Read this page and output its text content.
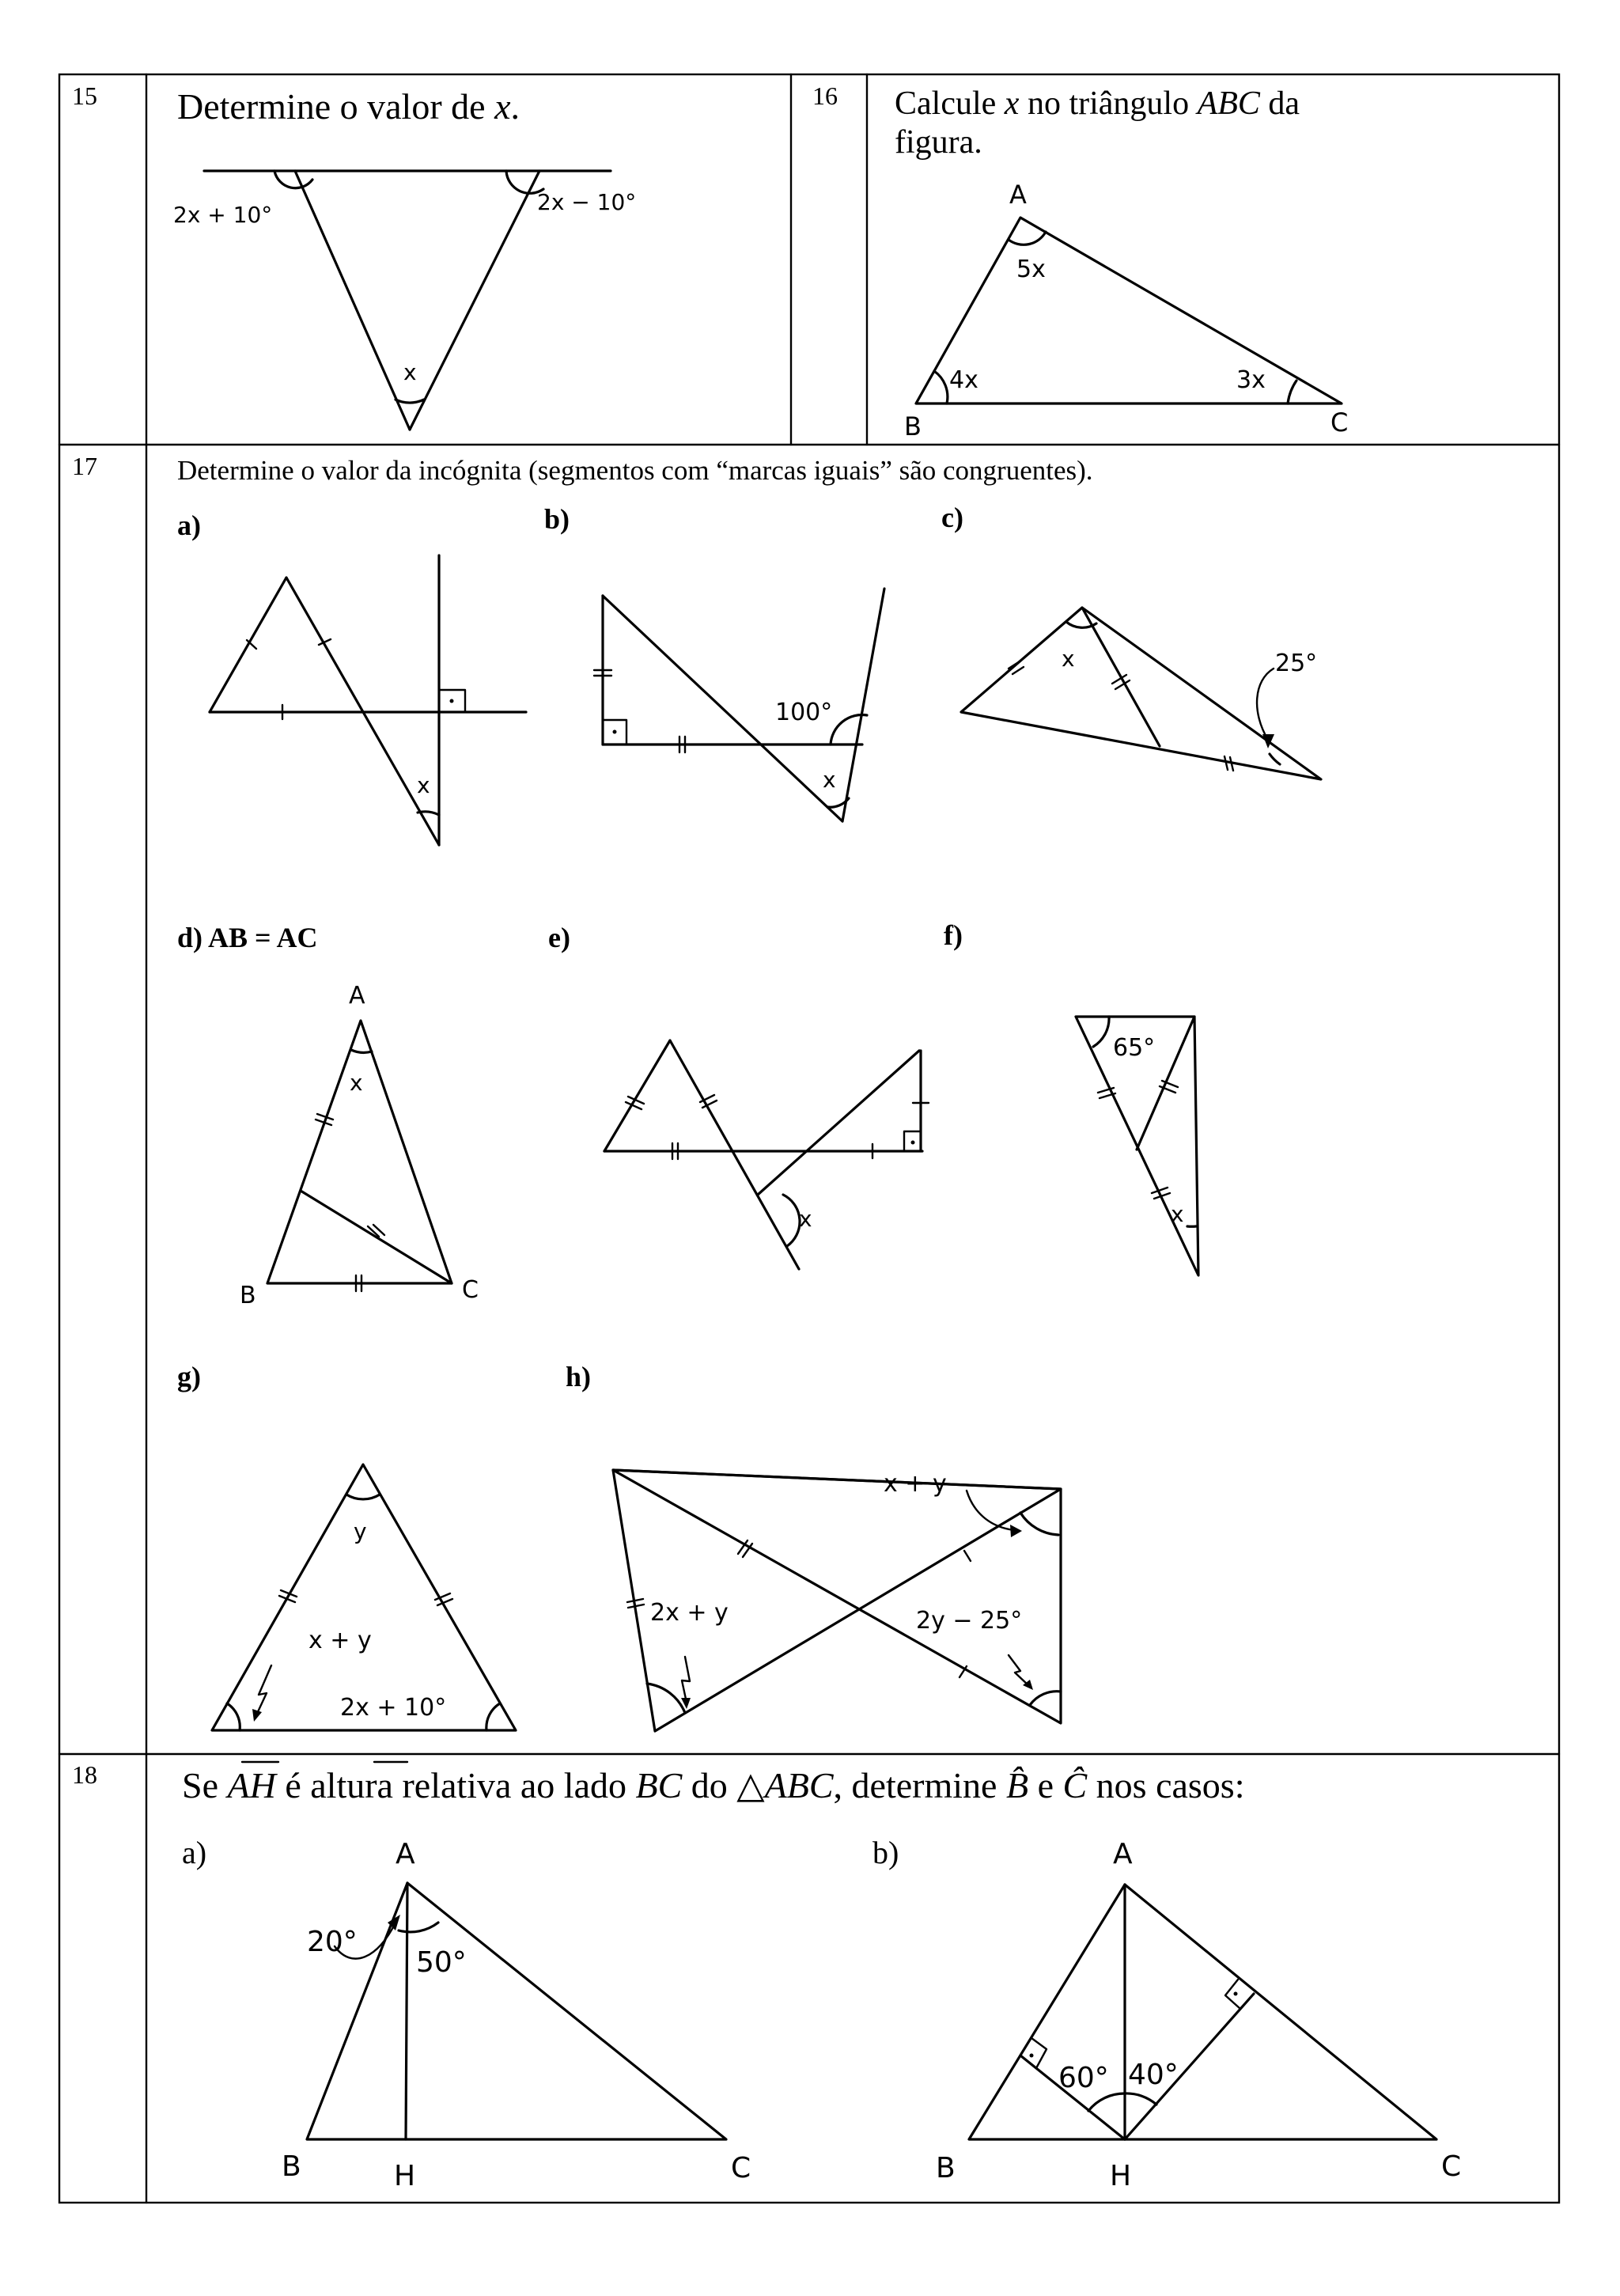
15 Determine o valor de x.
2x + 10°	2x − 10°
x
16 Calcule x no triângulo ABC da
figura.
A
B	C
5x
4x	3x
17	Determine o valor da incógnita (segmentos com “marcas iguais” são congruentes).
a)
x
b)
100°
x
c)
x	25°
d) AB = AC
A
x
B	C
e)
x
f)
65°
x
g)
y
x + y
2x + 10°
h)
x + y
2x + y	2y − 25°
18 Se AH é altura relativa ao lado BC do △ABC, determine B̂ e Ĉ nos casos:
a)	A
20°
50°
B	H	C
b)	A
60° 40°
B	H	C
